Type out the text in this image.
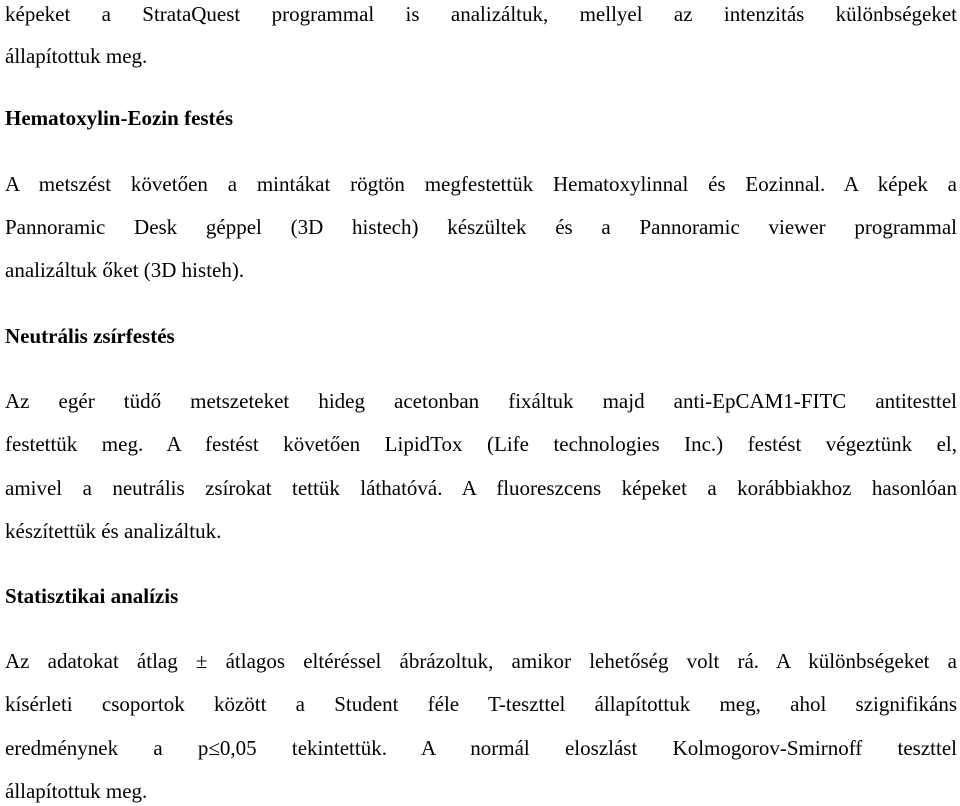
képeket a StrataQuest programmal is analizáltuk, mellyel az intenzitás különbségeket
állapítottuk meg.
Hematoxylin-Eozin festés
A metszést követően a mintákat rögtön megfestettük Hematoxylinnal és Eozinnal. A képek a
Pannoramic Desk géppel (3D histech) készültek és a Pannoramic viewer programmal
analizáltuk őket (3D histeh).
Neutrális zsírfestés
Az egér tüdő metszeteket hideg acetonban fixáltuk majd anti-EpCAM1-FITC antitesttel
festettük meg. A festést követően LipidTox (Life technologies Inc.) festést végeztünk el,
amivel a neutrális zsírokat tettük láthatóvá. A fluoreszcens képeket a korábbiakhoz hasonlóan
készítettük és analizáltuk.
Statisztikai analízis
Az adatokat átlag ± átlagos eltéréssel ábrázoltuk, amikor lehetőség volt rá. A különbségeket a
kísérleti csoportok között a Student féle T-teszttel állapítottuk meg, ahol szignifikáns
eredménynek a p≤0,05 tekintettük. A normál eloszlást Kolmogorov-Smirnoff teszttel
állapítottuk meg.
